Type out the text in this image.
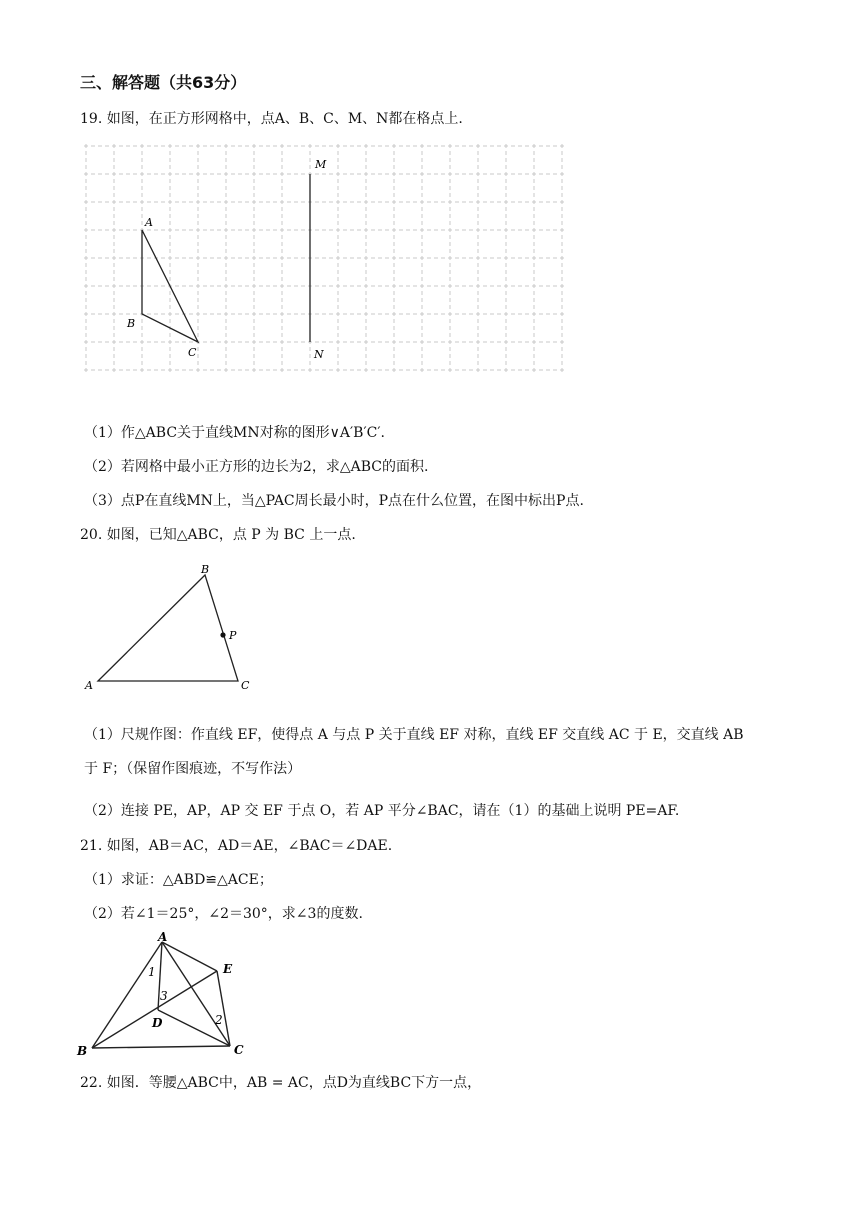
三、解答题（共63分）
19. 如图，在正方形网格中，点A、B、C、M、N都在格点上.
A
B
C
M
N
（1）作△ABC关于直线MN对称的图形∨A′B′C′.
（2）若网格中最小正方形的边长为2，求△ABC的面积.
（3）点P在直线MN上，当△PAC周长最小时，P点在什么位置，在图中标出P点.
20. 如图，已知△ABC，点 P 为 BC 上一点.
A
B
C
P
（1）尺规作图：作直线 EF，使得点 A 与点 P 关于直线 EF 对称，直线 EF 交直线 AC 于 E，交直线 AB
于 F；（保留作图痕迹，不写作法）
（2）连接 PE，AP，AP 交 EF 于点 O，若 AP 平分∠BAC，请在（1）的基础上说明 PE=AF.
21. 如图，AB＝AC，AD＝AE，∠BAC＝∠DAE.
（1）求证：△ABD≌△ACE；
（2）若∠1＝25°，∠2＝30°，求∠3的度数.
A
B	C
D
E
1
2
3
22. 如图．等腰△ABC中，AB = AC，点D为直线BC下方一点，
